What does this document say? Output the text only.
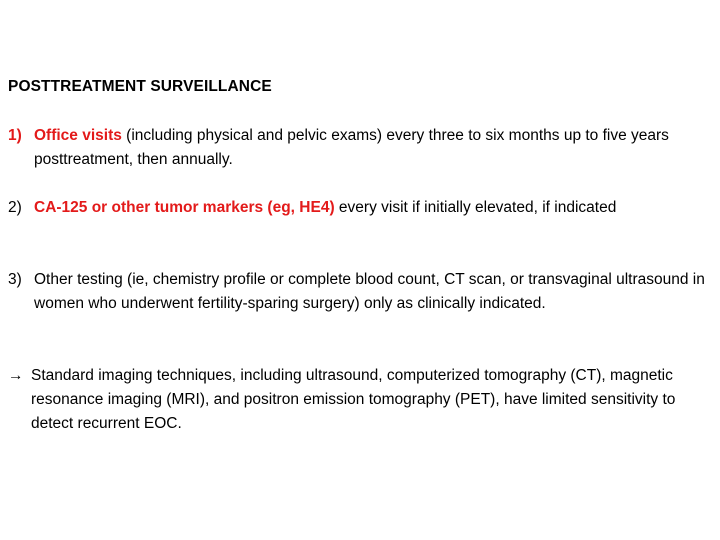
POSTTREATMENT SURVEILLANCE
1) Office visits (including physical and pelvic exams) every three to six months up to five years posttreatment, then annually.
2) CA-125 or other tumor markers (eg, HE4) every visit if initially elevated, if indicated
3) Other testing (ie, chemistry profile or complete blood count, CT scan, or transvaginal ultrasound in women who underwent fertility-sparing surgery) only as clinically indicated.
→ Standard imaging techniques, including ultrasound, computerized tomography (CT), magnetic resonance imaging (MRI), and positron emission tomography (PET), have limited sensitivity to detect recurrent EOC.
